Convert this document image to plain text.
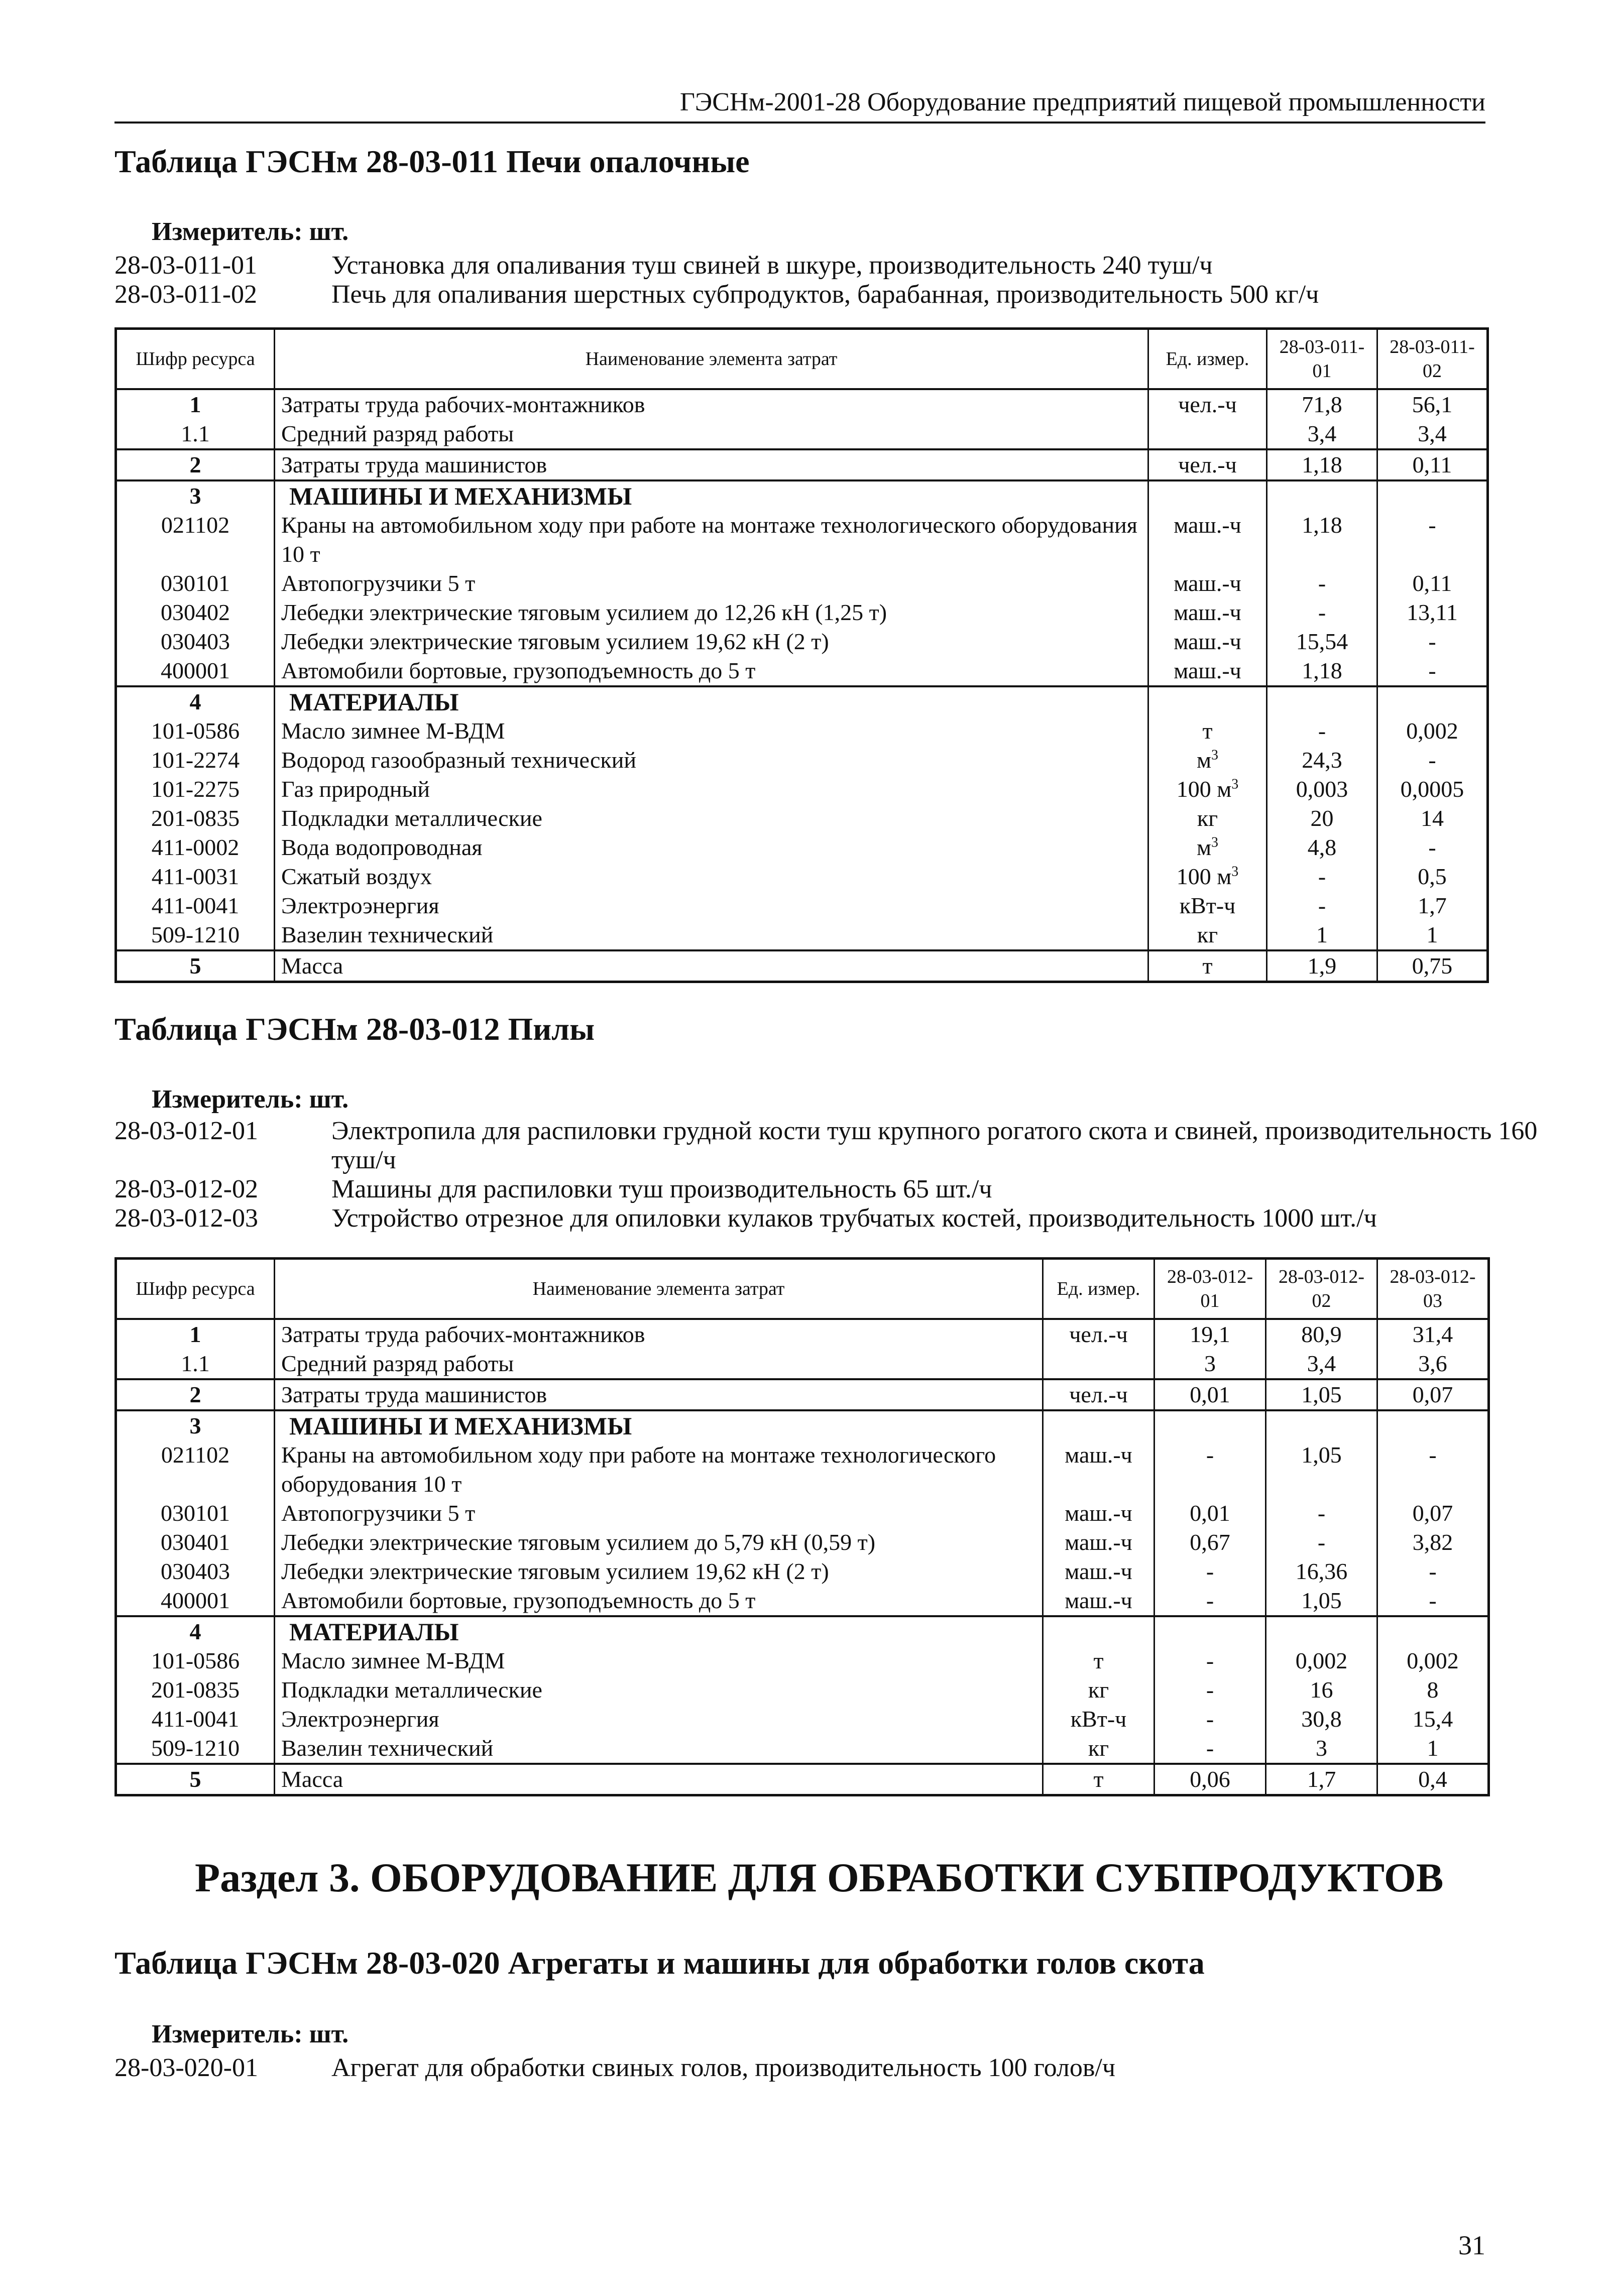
ГЭСНм-2001-28 Оборудование предприятий пищевой промышленности
Таблица ГЭСНм 28-03-011 Печи опалочные
Измеритель: шт.
28-03-011-01	Установка для опаливания туш свиней в шкуре, производительность 240 туш/ч
28-03-011-02	Печь для опаливания шерстных субпродуктов, барабанная, производительность 500 кг/ч
Шифр ресурса	Наименование элемента затрат	Ед. измер.	28-03-011-01	28-03-011-02
1	Затраты труда рабочих-монтажников	чел.-ч	71,8	56,1
1.1	Средний разряд работы		3,4	3,4
2	Затраты труда машинистов	чел.-ч	1,18	0,11
3	МАШИНЫ И МЕХАНИЗМЫ			
021102	Краны на автомобильном ходу при работе на монтаже технологического оборудования 10 т	маш.-ч	1,18	-
030101	Автопогрузчики 5 т	маш.-ч	-	0,11
030402	Лебедки электрические тяговым усилием до 12,26 кН (1,25 т)	маш.-ч	-	13,11
030403	Лебедки электрические тяговым усилием 19,62 кН (2 т)	маш.-ч	15,54	-
400001	Автомобили бортовые, грузоподъемность до 5 т	маш.-ч	1,18	-
4	МАТЕРИАЛЫ			
101-0586	Масло зимнее М-ВДМ	т	-	0,002
101-2274	Водород газообразный технический	$м^3$	24,3	-
101-2275	Газ природный	100 $м^3$	0,003	0,0005
201-0835	Подкладки металлические	кг	20	14
411-0002	Вода водопроводная	$м^3$	4,8	-
411-0031	Сжатый воздух	100 $м^3$	-	0,5
411-0041	Электроэнергия	кВт-ч	-	1,7
509-1210	Вазелин технический	кг	1	1
5	Масса	т	1,9	0,75
Таблица ГЭСНм 28-03-012 Пилы
Измеритель: шт.
28-03-012-01	Электропила для распиловки грудной кости туш крупного рогатого скота и свиней, производительность 160 туш/ч
28-03-012-02	Машины для распиловки туш производительность 65 шт./ч
28-03-012-03	Устройство отрезное для опиловки кулаков трубчатых костей, производительность 1000 шт./ч
Шифр ресурса	Наименование элемента затрат	Ед. измер.	28-03-012-01	28-03-012-02	28-03-012-03
1	Затраты труда рабочих-монтажников	чел.-ч	19,1	80,9	31,4
1.1	Средний разряд работы		3	3,4	3,6
2	Затраты труда машинистов	чел.-ч	0,01	1,05	0,07
3	МАШИНЫ И МЕХАНИЗМЫ				
021102	Краны на автомобильном ходу при работе на монтаже технологического оборудования 10 т	маш.-ч	-	1,05	-
030101	Автопогрузчики 5 т	маш.-ч	0,01	-	0,07
030401	Лебедки электрические тяговым усилием до 5,79 кН (0,59 т)	маш.-ч	0,67	-	3,82
030403	Лебедки электрические тяговым усилием 19,62 кН (2 т)	маш.-ч	-	16,36	-
400001	Автомобили бортовые, грузоподъемность до 5 т	маш.-ч	-	1,05	-
4	МАТЕРИАЛЫ				
101-0586	Масло зимнее М-ВДМ	т	-	0,002	0,002
201-0835	Подкладки металлические	кг	-	16	8
411-0041	Электроэнергия	кВт-ч	-	30,8	15,4
509-1210	Вазелин технический	кг	-	3	1
5	Масса	т	0,06	1,7	0,4
Раздел 3. ОБОРУДОВАНИЕ ДЛЯ ОБРАБОТКИ СУБПРОДУКТОВ
Таблица ГЭСНм 28-03-020 Агрегаты и машины для обработки голов скота
Измеритель: шт.
28-03-020-01	Агрегат для обработки свиных голов, производительность 100 голов/ч
31
